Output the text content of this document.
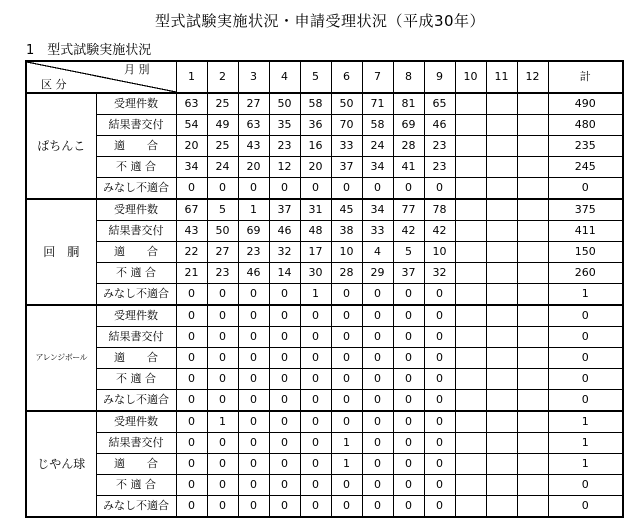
型式試験実施状況・申請受理状況（平成30年）
1　型式試験実施状況
月 別
区 分		1	2	3	4	5	6	7	8	9	10	11	12	計
ぱちんこ	受理件数	63	25	27	50	58	50	71	81	65				490
	結果書交付	54	49	63	35	36	70	58	69	46				480
	適　　合	20	25	43	23	16	33	24	28	23				235
	不 適 合	34	24	20	12	20	37	34	41	23				245
	みなし不適合	0	0	0	0	0	0	0	0	0				0
回　胴	受理件数	67	5	1	37	31	45	34	77	78				375
	結果書交付	43	50	69	46	48	38	33	42	42				411
	適　　合	22	27	23	32	17	10	4	5	10				150
	不 適 合	21	23	46	14	30	28	29	37	32				260
	みなし不適合	0	0	0	0	1	0	0	0	0				1
アレンジボール	受理件数	0	0	0	0	0	0	0	0	0				0
	結果書交付	0	0	0	0	0	0	0	0	0				0
	適　　合	0	0	0	0	0	0	0	0	0				0
	不 適 合	0	0	0	0	0	0	0	0	0				0
	みなし不適合	0	0	0	0	0	0	0	0	0				0
じやん球	受理件数	0	1	0	0	0	0	0	0	0				1
	結果書交付	0	0	0	0	0	1	0	0	0				1
	適　　合	0	0	0	0	0	1	0	0	0				1
	不 適 合	0	0	0	0	0	0	0	0	0				0
	みなし不適合	0	0	0	0	0	0	0	0	0				0
